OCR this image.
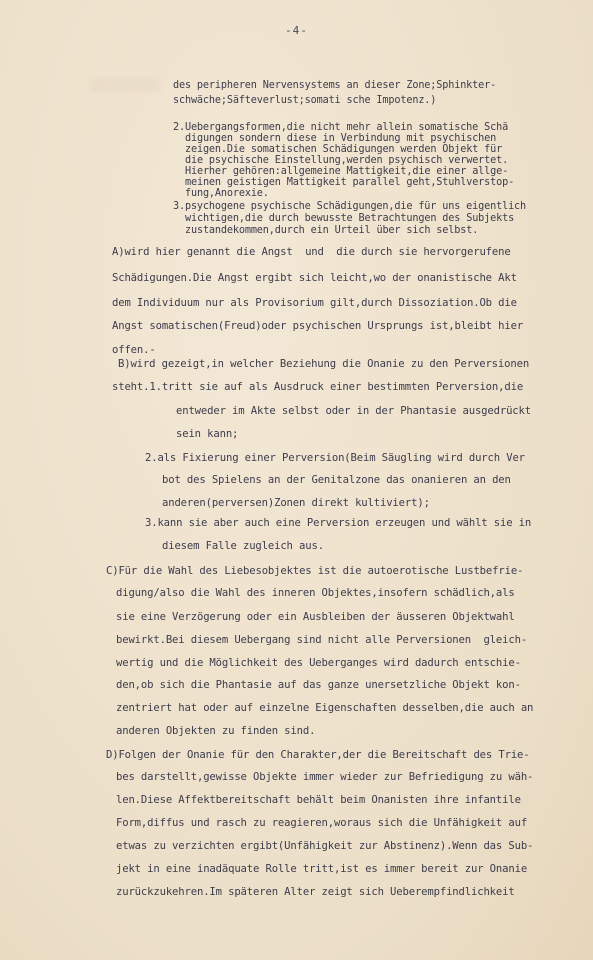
-4-
des peripheren Nervensystems an dieser Zone;Sphinkter-
schwäche;Säfteverlust;somati sche Impotenz.)
2.Uebergangsformen,die nicht mehr allein somatische Schä
digungen sondern diese in Verbindung mit psychischen
zeigen.Die somatischen Schädigungen werden Objekt für
die psychische Einstellung,werden psychisch verwertet.
Hierher gehören:allgemeine Mattigkeit,die einer allge-
meinen geistigen Mattigkeit parallel geht,Stuhlverstop-
fung,Anorexie.
3.psychogene psychische Schädigungen,die für uns eigentlich
wichtigen,die durch bewusste Betrachtungen des Subjekts
zustandekommen,durch ein Urteil über sich selbst.
A)wird hier genannt die Angst  und  die durch sie hervorgerufene
Schädigungen.Die Angst ergibt sich leicht,wo der onanistische Akt
dem Individuum nur als Provisorium gilt,durch Dissoziation.Ob die
Angst somatischen(Freud)oder psychischen Ursprungs ist,bleibt hier
offen.-
B)wird gezeigt,in welcher Beziehung die Onanie zu den Perversionen
steht.1.tritt sie auf als Ausdruck einer bestimmten Perversion,die
entweder im Akte selbst oder in der Phantasie ausgedrückt
sein kann;
2.als Fixierung einer Perversion(Beim Säugling wird durch Ver
bot des Spielens an der Genitalzone das onanieren an den
anderen(perversen)Zonen direkt kultiviert);
3.kann sie aber auch eine Perversion erzeugen und wählt sie in
diesem Falle zugleich aus.
C)Für die Wahl des Liebesobjektes ist die autoerotische Lustbefrie-
digung/also die Wahl des inneren Objektes,insofern schädlich,als
sie eine Verzögerung oder ein Ausbleiben der äusseren Objektwahl
bewirkt.Bei diesem Uebergang sind nicht alle Perversionen  gleich-
wertig und die Möglichkeit des Ueberganges wird dadurch entschie-
den,ob sich die Phantasie auf das ganze unersetzliche Objekt kon-
zentriert hat oder auf einzelne Eigenschaften desselben,die auch an
anderen Objekten zu finden sind.
D)Folgen der Onanie für den Charakter,der die Bereitschaft des Trie-
bes darstellt,gewisse Objekte immer wieder zur Befriedigung zu wäh-
len.Diese Affektbereitschaft behält beim Onanisten ihre infantile
Form,diffus und rasch zu reagieren,woraus sich die Unfähigkeit auf
etwas zu verzichten ergibt(Unfähigkeit zur Abstinenz).Wenn das Sub-
jekt in eine inadäquate Rolle tritt,ist es immer bereit zur Onanie
zurückzukehren.Im späteren Alter zeigt sich Ueberempfindlichkeit
